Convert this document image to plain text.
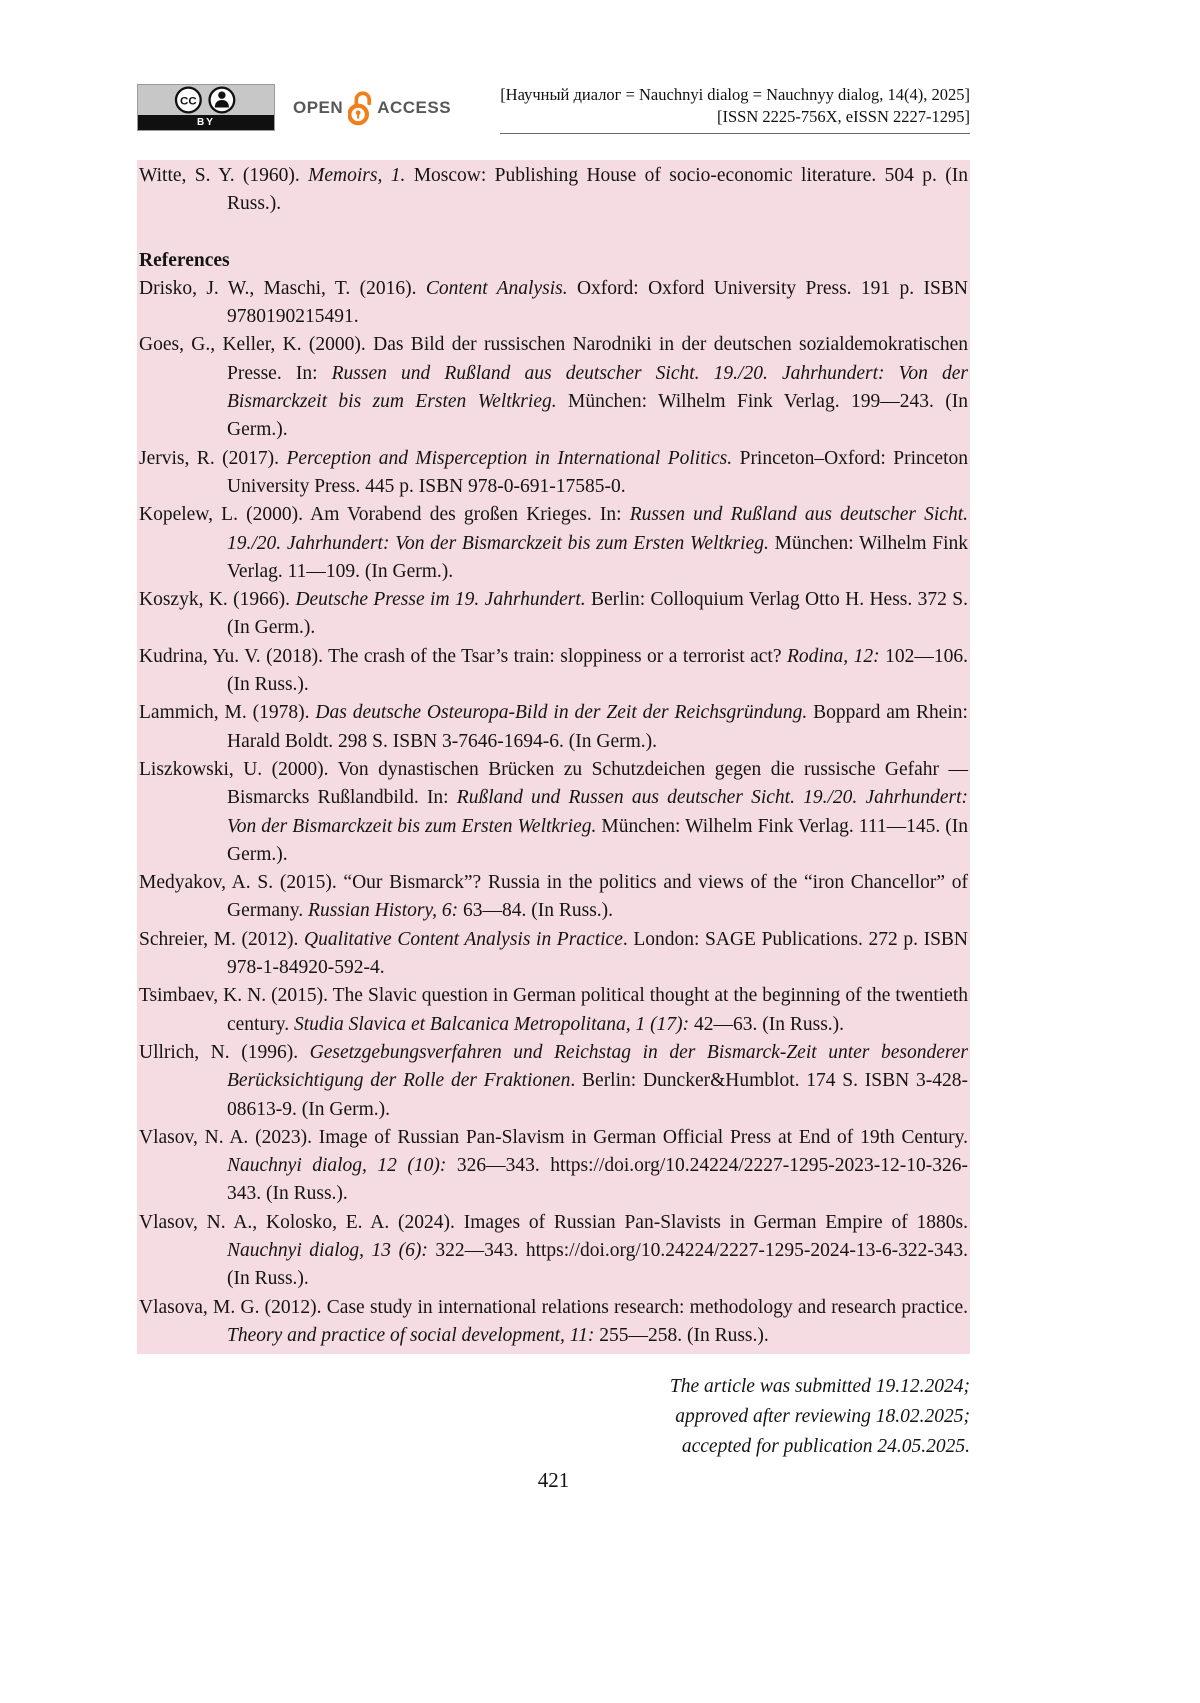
CC
BY
OPEN ACCESS
[Научный диалог = Nauchnyi dialog = Nauchnyy dialog, 14(4), 2025]
[ISSN 2225-756X, eISSN 2227-1295]
Witte, S. Y. (1960). Memoirs, 1. Moscow: Publishing House of socio-economic literature. 504 p. (In Russ.).
References
Drisko, J. W., Maschi, T. (2016). Content Analysis. Oxford: Oxford University Press. 191 p. ISBN 9780190215491.
Goes, G., Keller, K. (2000). Das Bild der russischen Narodniki in der deutschen sozialdemokratischen Presse. In: Russen und Rußland aus deutscher Sicht. 19./20. Jahrhundert: Von der Bismarckzeit bis zum Ersten Weltkrieg. München: Wilhelm Fink Verlag. 199—243. (In Germ.).
Jervis, R. (2017). Perception and Misperception in International Politics. Princeton–Oxford: Princeton University Press. 445 p. ISBN 978-0-691-17585-0.
Kopelew, L. (2000). Am Vorabend des großen Krieges. In: Russen und Rußland aus deutscher Sicht. 19./20. Jahrhundert: Von der Bismarckzeit bis zum Ersten Weltkrieg. München: Wilhelm Fink Verlag. 11—109. (In Germ.).
Koszyk, K. (1966). Deutsche Presse im 19. Jahrhundert. Berlin: Colloquium Verlag Otto H. Hess. 372 S. (In Germ.).
Kudrina, Yu. V. (2018). The crash of the Tsar’s train: sloppiness or a terrorist act? Rodina, 12: 102—106. (In Russ.).
Lammich, M. (1978). Das deutsche Osteuropa-Bild in der Zeit der Reichsgründung. Boppard am Rhein: Harald Boldt. 298 S. ISBN 3-7646-1694-6. (In Germ.).
Liszkowski, U. (2000). Von dynastischen Brücken zu Schutzdeichen gegen die russische Gefahr — Bismarcks Rußlandbild. In: Rußland und Russen aus deutscher Sicht. 19./20. Jahrhundert: Von der Bismarckzeit bis zum Ersten Weltkrieg. München: Wilhelm Fink Verlag. 111—145. (In Germ.).
Medyakov, A. S. (2015). “Our Bismarck”? Russia in the politics and views of the “iron Chancellor” of Germany. Russian History, 6: 63—84. (In Russ.).
Schreier, M. (2012). Qualitative Content Analysis in Practice. London: SAGE Publications. 272 p. ISBN 978-1-84920-592-4.
Tsimbaev, K. N. (2015). The Slavic question in German political thought at the beginning of the twentieth century. Studia Slavica et Balcanica Metropolitana, 1 (17): 42—63. (In Russ.).
Ullrich, N. (1996). Gesetzgebungsverfahren und Reichstag in der Bismarck-Zeit unter besonderer Berücksichtigung der Rolle der Fraktionen. Berlin: Duncker&Humblot. 174 S. ISBN 3-428-08613-9. (In Germ.).
Vlasov, N. A. (2023). Image of Russian Pan-Slavism in German Official Press at End of 19th Century. Nauchnyi dialog, 12 (10): 326—343. https://doi.org/10.24224/2227-1295-2023-12-10-326-343. (In Russ.).
Vlasov, N. A., Kolosko, E. A. (2024). Images of Russian Pan-Slavists in German Empire of 1880s. Nauchnyi dialog, 13 (6): 322—343. https://doi.org/10.24224/2227-1295-2024-13-6-322-343. (In Russ.).
Vlasova, M. G. (2012). Case study in international relations research: methodology and research practice. Theory and practice of social development, 11: 255—258. (In Russ.).
The article was submitted 19.12.2024;
approved after reviewing 18.02.2025;
accepted for publication 24.05.2025.
421
